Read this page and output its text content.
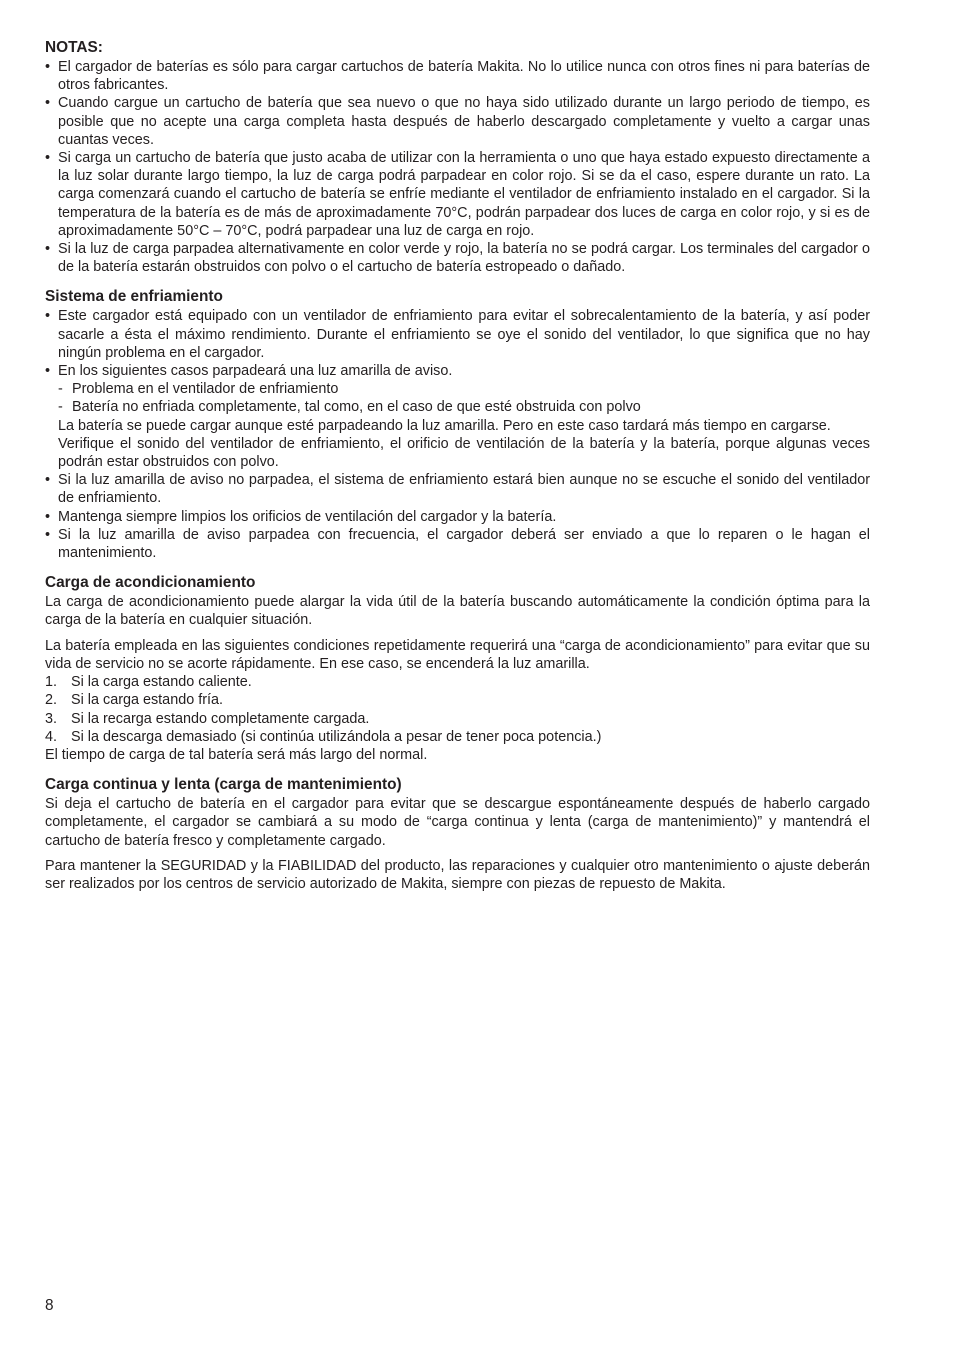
NOTAS:
• El cargador de baterías es sólo para cargar cartuchos de batería Makita. No lo utilice nunca con otros fines ni para baterías de otros fabricantes.
• Cuando cargue un cartucho de batería que sea nuevo o que no haya sido utilizado durante un largo periodo de tiempo, es posible que no acepte una carga completa hasta después de haberlo descargado completamente y vuelto a cargar unas cuantas veces.
• Si carga un cartucho de batería que justo acaba de utilizar con la herramienta o uno que haya estado expuesto directamente a la luz solar durante largo tiempo, la luz de carga podrá parpadear en color rojo. Si se da el caso, espere durante un rato. La carga comenzará cuando el cartucho de batería se enfríe mediante el ventilador de enfriamiento instalado en el cargador. Si la temperatura de la batería es de más de aproximadamente 70°C, podrán parpadear dos luces de carga en color rojo, y si es de aproximadamente 50°C – 70°C, podrá parpadear una luz de carga en rojo.
• Si la luz de carga parpadea alternativamente en color verde y rojo, la batería no se podrá cargar. Los terminales del cargador o de la batería estarán obstruidos con polvo o el cartucho de batería estropeado o dañado.
Sistema de enfriamiento
• Este cargador está equipado con un ventilador de enfriamiento para evitar el sobrecalentamiento de la batería, y así poder sacarle a ésta el máximo rendimiento. Durante el enfriamiento se oye el sonido del ventilador, lo que significa que no hay ningún problema en el cargador.
• En los siguientes casos parpadeará una luz amarilla de aviso.
- Problema en el ventilador de enfriamiento
- Batería no enfriada completamente, tal como, en el caso de que esté obstruida con polvo

La batería se puede cargar aunque esté parpadeando la luz amarilla. Pero en este caso tardará más tiempo en cargarse.

Verifique el sonido del ventilador de enfriamiento, el orificio de ventilación de la batería y la batería, porque algunas veces podrán estar obstruidos con polvo.

• Si la luz amarilla de aviso no parpadea, el sistema de enfriamiento estará bien aunque no se escuche el sonido del ventilador de enfriamiento.
• Mantenga siempre limpios los orificios de ventilación del cargador y la batería.
• Si la luz amarilla de aviso parpadea con frecuencia, el cargador deberá ser enviado a que lo reparen o le hagan el mantenimiento.
Carga de acondicionamiento

La carga de acondicionamiento puede alargar la vida útil de la batería buscando automáticamente la condición óptima para la carga de la batería en cualquier situación.

La batería empleada en las siguientes condiciones repetidamente requerirá una “carga de acondicionamiento” para evitar que su vida de servicio no se acorte rápidamente. En ese caso, se encenderá la luz amarilla.

1. Si la carga estando caliente.
2. Si la carga estando fría.
3. Si la recarga estando completamente cargada.
4. Si la descarga demasiado (si continúa utilizándola a pesar de tener poca potencia.)

El tiempo de carga de tal batería será más largo del normal.

Carga continua y lenta (carga de mantenimiento)

Si deja el cartucho de batería en el cargador para evitar que se descargue espontáneamente después de haberlo cargado completamente, el cargador se cambiará a su modo de “carga continua y lenta (carga de mantenimiento)” y mantendrá el cartucho de batería fresco y completamente cargado.

Para mantener la SEGURIDAD y la FIABILIDAD del producto, las reparaciones y cualquier otro mantenimiento o ajuste deberán ser realizados por los centros de servicio autorizado de Makita, siempre con piezas de repuesto de Makita.

8
